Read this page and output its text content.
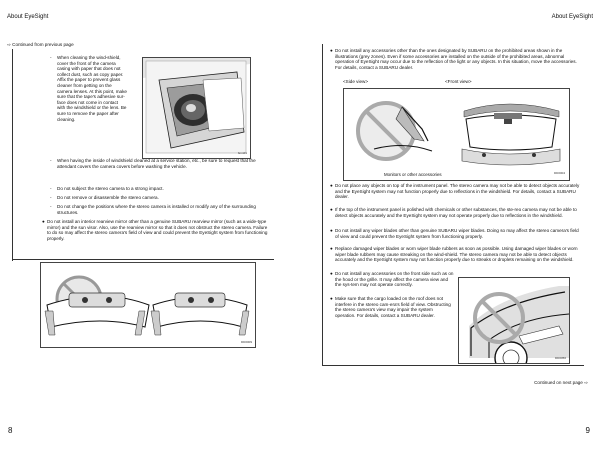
About EyeSight	About EyeSight
⇨ Continued from previous page
-	When cleaning the wind-shield, cover the front of the camera casing with paper that does not collect dust, such as copy paper. Affix the paper to prevent glass cleaner from getting on the camera lenses. At this point, make sure that the tape's adhesive sur-face does not come in contact with the windshield or the lens. Be sure to remove the paper after cleaning.
bnm01
-	When having the inside of windshield cleaned at a service station, etc., be sure to request that the attendant covers the camera covers before washing the vehicle.
-	Do not subject the stereo camera to a strong impact.
-	Do not remove or disassemble the stereo camera.
-	Do not change the positions where the stereo camera is installed or modify any of the surrounding structures.
● Do not install an interior rearview mirror other than a genuine SUBARU rearview mirror (such as a wide-type mirror) and the sun visor. Also, use the rearview mirror so that it does not obstruct the stereo camera. Failure to do so may affect the stereo camera's field of view and could prevent the EyeSight system from functioning properly.
DD0009
8
● Do not install any accessories other than the ones designated by SUBARU on the prohibited areas shown in the illustrations (grey zones). Even if some accessories are installed on the outside of the prohibited areas, abnormal operation of EyeSight may occur due to the reflection of the light or any objects. In this situation, move the accessories. For details, contact a SUBARU dealer.
<Side view>	<Front view>
Monitors or other accessories	DD0004
● Do not place any objects on top of the instrument panel. The stereo camera may not be able to detect objects accurately and the EyeSight system may not function properly due to reflections in the windshield. For details, contact a SUBARU dealer.
● If the top of the instrument panel is polished with chemicals or other substances, the ste-reo camera may not be able to detect objects accurately and the EyeSight system may not operate properly due to reflections in the windshield.
● Do not install any wiper blades other than genuine SUBARU wiper blades. Doing so may affect the stereo camera's field of view and could prevent the EyeSight system from functioning properly.
● Replace damaged wiper blades or worn wiper blade rubbers as soon as possible. Using damaged wiper blades or worn wiper blade rubbers may cause streaking on the wind-shield. The stereo camera may not be able to detect objects accurately and the EyeSight system may not function properly due to streaks or droplets remaining on the windshield.
● Do not install any accessories on the front side such as on the hood or the grille. It may affect the camera view and the sys-tem may not operate correctly.
● Make sure that the cargo loaded on the roof does not interfere in the stereo cam-era's field of view. Obstructing the stereo camera's view may impair the system operation. For details, contact a SUBARU dealer.
DD0056
Continued on next page ⇨
9
